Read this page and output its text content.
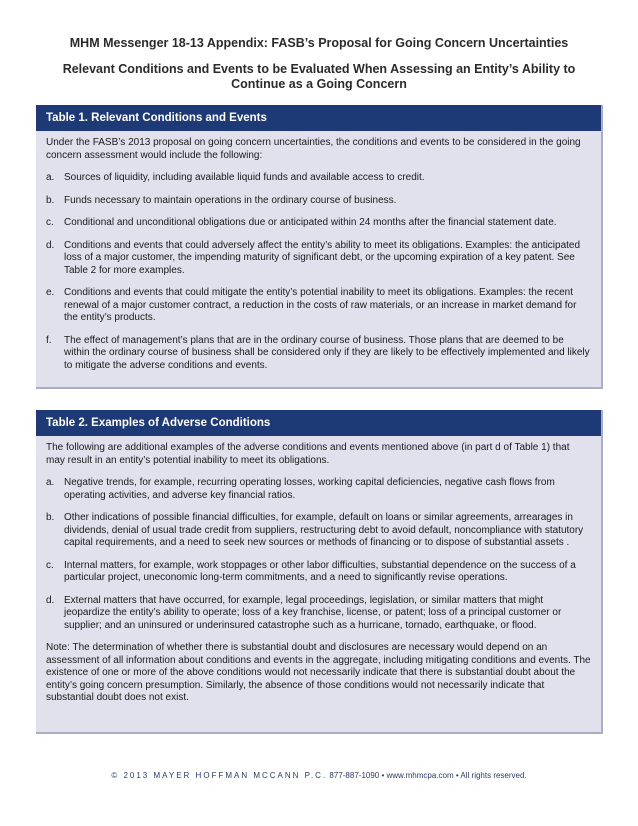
MHM Messenger 18-13 Appendix: FASB’s Proposal for Going Concern Uncertainties
Relevant Conditions and Events to be Evaluated When Assessing an Entity’s Ability to
Continue as a Going Concern
Table 1. Relevant Conditions and Events

Under the FASB’s 2013 proposal on going concern uncertainties, the conditions and events to be considered in the going concern assessment would include the following:

a. Sources of liquidity, including available liquid funds and available access to credit.
b. Funds necessary to maintain operations in the ordinary course of business.
c. Conditional and unconditional obligations due or anticipated within 24 months after the financial statement date.
d. Conditions and events that could adversely affect the entity’s ability to meet its obligations. Examples: the anticipated loss of a major customer, the impending maturity of significant debt, or the upcoming expiration of a key patent. See Table 2 for more examples.
e. Conditions and events that could mitigate the entity’s potential inability to meet its obligations. Examples: the recent renewal of a major customer contract, a reduction in the costs of raw materials, or an increase in market demand for the entity’s products.
f. The effect of management’s plans that are in the ordinary course of business. Those plans that are deemed to be within the ordinary course of business shall be considered only if they are likely to be effectively implemented and likely to mitigate the adverse conditions and events.
Table 2. Examples of Adverse Conditions

The following are additional examples of the adverse conditions and events mentioned above (in part d of Table 1) that may result in an entity’s potential inability to meet its obligations.

a. Negative trends, for example, recurring operating losses, working capital deficiencies, negative cash flows from operating activities, and adverse key financial ratios.
b. Other indications of possible financial difficulties, for example, default on loans or similar agreements, arrearages in dividends, denial of usual trade credit from suppliers, restructuring debt to avoid default, noncompliance with statutory capital requirements, and a need to seek new sources or methods of financing or to dispose of substantial assets .
c. Internal matters, for example, work stoppages or other labor difficulties, substantial dependence on the success of a particular project, uneconomic long-term commitments, and a need to significantly revise operations.
d. External matters that have occurred, for example, legal proceedings, legislation, or similar matters that might jeopardize the entity’s ability to operate; loss of a key franchise, license, or patent; loss of a principal customer or supplier; and an uninsured or underinsured catastrophe such as a hurricane, tornado, earthquake, or flood.

Note: The determination of whether there is substantial doubt and disclosures are necessary would depend on an assessment of all information about conditions and events in the aggregate, including mitigating conditions and events. The existence of one or more of the above conditions would not necessarily indicate that there is substantial doubt about the entity’s going concern presumption. Similarly, the absence of those conditions would not necessarily indicate that substantial doubt does not exist.

© 2013 MAYER HOFFMAN MCCANN P.C. 877-887-1090 • www.mhmcpa.com • All rights reserved.
